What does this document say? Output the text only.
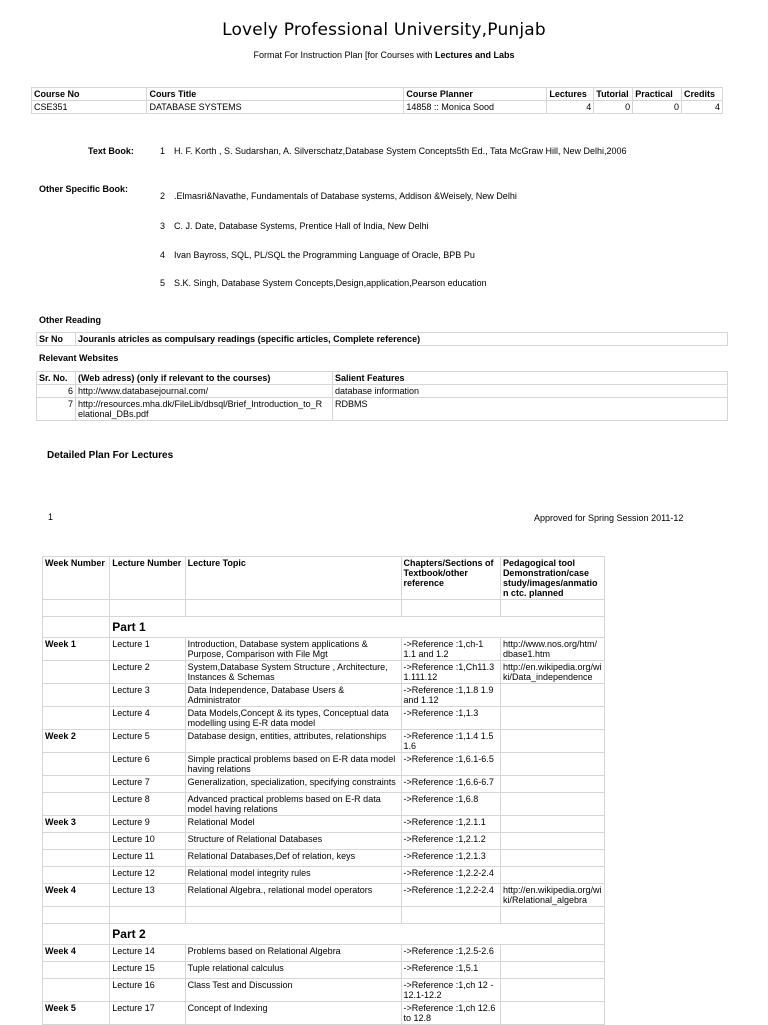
Lovely Professional University,Punjab
Format For Instruction Plan [for Courses with Lectures and Labs
Course No	Cours Title	Course Planner	Lectures	Tutorial	Practical	Credits
CSE351	DATABASE SYSTEMS	14858 :: Monica Sood	4	0	0	4
Text Book:	1 H. F. Korth , S. Sudarshan, A. Silverschatz,Database System Concepts5th Ed., Tata McGraw Hill, New Delhi,2006
Other Specific Book:
2 .Elmasri&Navathe, Fundamentals of Database systems, Addison &Weisely, New Delhi
3 C. J. Date, Database Systems, Prentice Hall of India, New Delhi
4 Ivan Bayross, SQL, PL/SQL the Programming Language of Oracle, BPB Pu
5 S.K. Singh, Database System Concepts,Design,application,Pearson education
Other Reading
Sr No	Jouranls atricles as compulsary readings (specific articles, Complete reference)
Relevant Websites
Sr. No.	(Web adress) (only if relevant to the courses)	Salient Features
6	http://www.databasejournal.com/	database information
7	http://resources.mha.dk/FileLib/dbsql/Brief_Introduction_to_R elational_DBs.pdf	RDBMS
Detailed Plan For Lectures
1	Approved for Spring Session 2011-12
Week Number	Lecture Number	Lecture Topic	Chapters/Sections of Textbook/other reference	Pedagogical tool Demonstration/case study/images/anmatio n ctc. planned

	Part 1			
Week 1	Lecture 1	Introduction, Database system applications & Purpose, Comparison with File Mgt	->Reference :1,ch-1 1.1 and 1.2	http://www.nos.org/htm/ dbase1.htm
	Lecture 2	System,Database System Structure , Architecture, Instances & Schemas	->Reference :1,Ch11.3 1.111.12	http://en.wikipedia.org/wi ki/Data_independence
	Lecture 3	Data Independence, Database Users & Administrator	->Reference :1,1.8 1.9 and 1.12	
	Lecture 4	Data Models,Concept & its types, Conceptual data modelling using E-R data model	->Reference :1,1.3	
Week 2	Lecture 5	Database design, entities, attributes, relationships	->Reference :1,1.4 1.5 1.6	
	Lecture 6	Simple practical problems based on E-R data model having relations	->Reference :1,6.1-6.5	
	Lecture 7	Generalization, specialization, specifying constraints	->Reference :1,6.6-6.7	
	Lecture 8	Advanced practical problems based on E-R data model having relations	->Reference :1,6.8	
Week 3	Lecture 9	Relational Model	->Reference :1,2.1.1	
	Lecture 10	Structure of Relational Databases	->Reference :1,2.1.2	
	Lecture 11	Relational Databases,Def of relation, keys	->Reference :1,2.1.3	
	Lecture 12	Relational model integrity rules	->Reference :1,2.2-2.4	
Week 4	Lecture 13	Relational Algebra., relational model operators	->Reference :1,2.2-2.4	http://en.wikipedia.org/wi ki/Relational_algebra

	Part 2			
Week 4	Lecture 14	Problems based on Relational Algebra	->Reference :1,2.5-2.6	
	Lecture 15	Tuple relational calculus	->Reference :1,5.1	
	Lecture 16	Class Test and Discussion	->Reference :1,ch 12 - 12.1-12.2	
Week 5	Lecture 17	Concept of Indexing	->Reference :1,ch 12.6 to 12.8	
